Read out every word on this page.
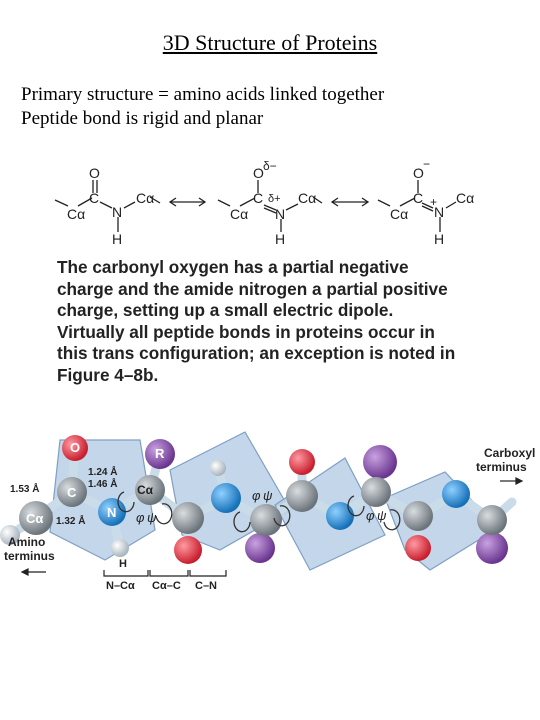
3D Structure of Proteins
Primary structure = amino acids linked together
Peptide bond is rigid and planar
O
C
Cα N
H
Cα
O δ−
C
Cα
δ+
N
H
Cα
O
−
C
Cα N
+
H
Cα
The carbonyl oxygen has a partial negative
charge and the amide nitrogen a partial positive
charge, setting up a small electric dipole.
Virtually all peptide bonds in proteins occur in
this trans configuration; an exception is noted in
Figure 4–8b.
O	R
C
Cα
Cα
N
H
1.53 Å
1.24 Å
1.46 Å
1.32 Å	φ ψ
φ ψ
φ ψ
Amino
terminus
Carboxyl
terminus
N–Cα Cα–C C–N
